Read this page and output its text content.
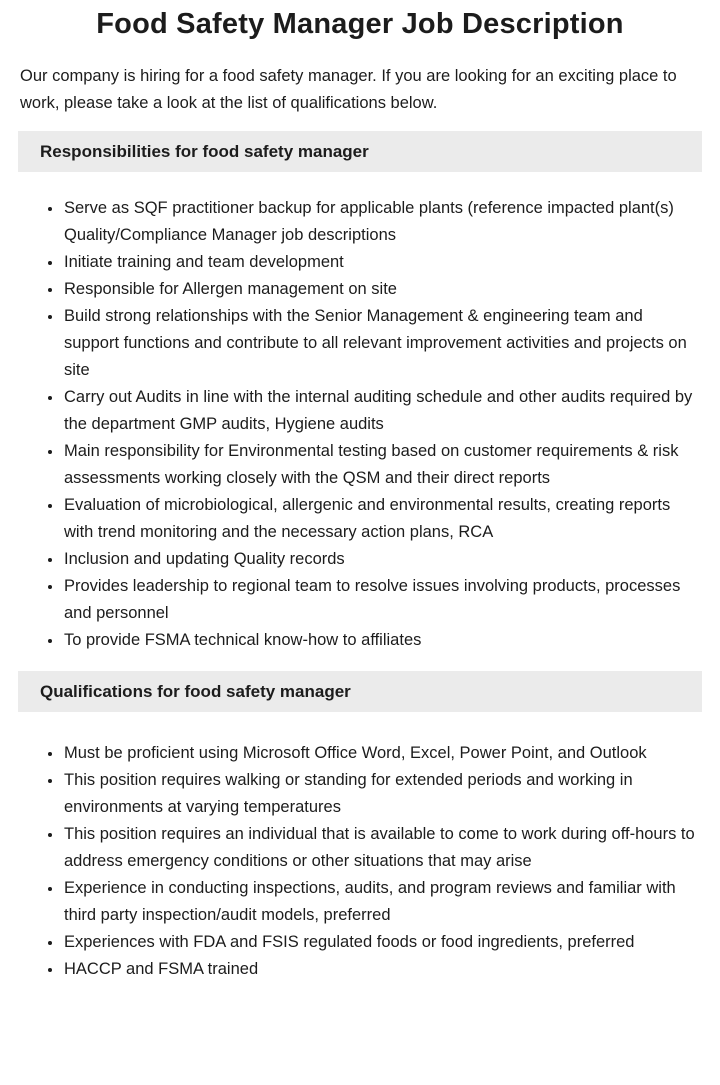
Food Safety Manager Job Description

Our company is hiring for a food safety manager. If you are looking for an exciting place to work, please take a look at the list of qualifications below.

Responsibilities for food safety manager
• Serve as SQF practitioner backup for applicable plants (reference impacted plant(s) Quality/Compliance Manager job descriptions
• Initiate training and team development
• Responsible for Allergen management on site
• Build strong relationships with the Senior Management & engineering team and support functions and contribute to all relevant improvement activities and projects on site
• Carry out Audits in line with the internal auditing schedule and other audits required by the department GMP audits, Hygiene audits
• Main responsibility for Environmental testing based on customer requirements & risk assessments working closely with the QSM and their direct reports
• Evaluation of microbiological, allergenic and environmental results, creating reports with trend monitoring and the necessary action plans, RCA
• Inclusion and updating Quality records
• Provides leadership to regional team to resolve issues involving products, processes and personnel
• To provide FSMA technical know-how to affiliates
Qualifications for food safety manager
• Must be proficient using Microsoft Office Word, Excel, Power Point, and Outlook
• This position requires walking or standing for extended periods and working in environments at varying temperatures
• This position requires an individual that is available to come to work during off-hours to address emergency conditions or other situations that may arise
• Experience in conducting inspections, audits, and program reviews and familiar with third party inspection/audit models, preferred
• Experiences with FDA and FSIS regulated foods or food ingredients, preferred
• HACCP and FSMA trained
